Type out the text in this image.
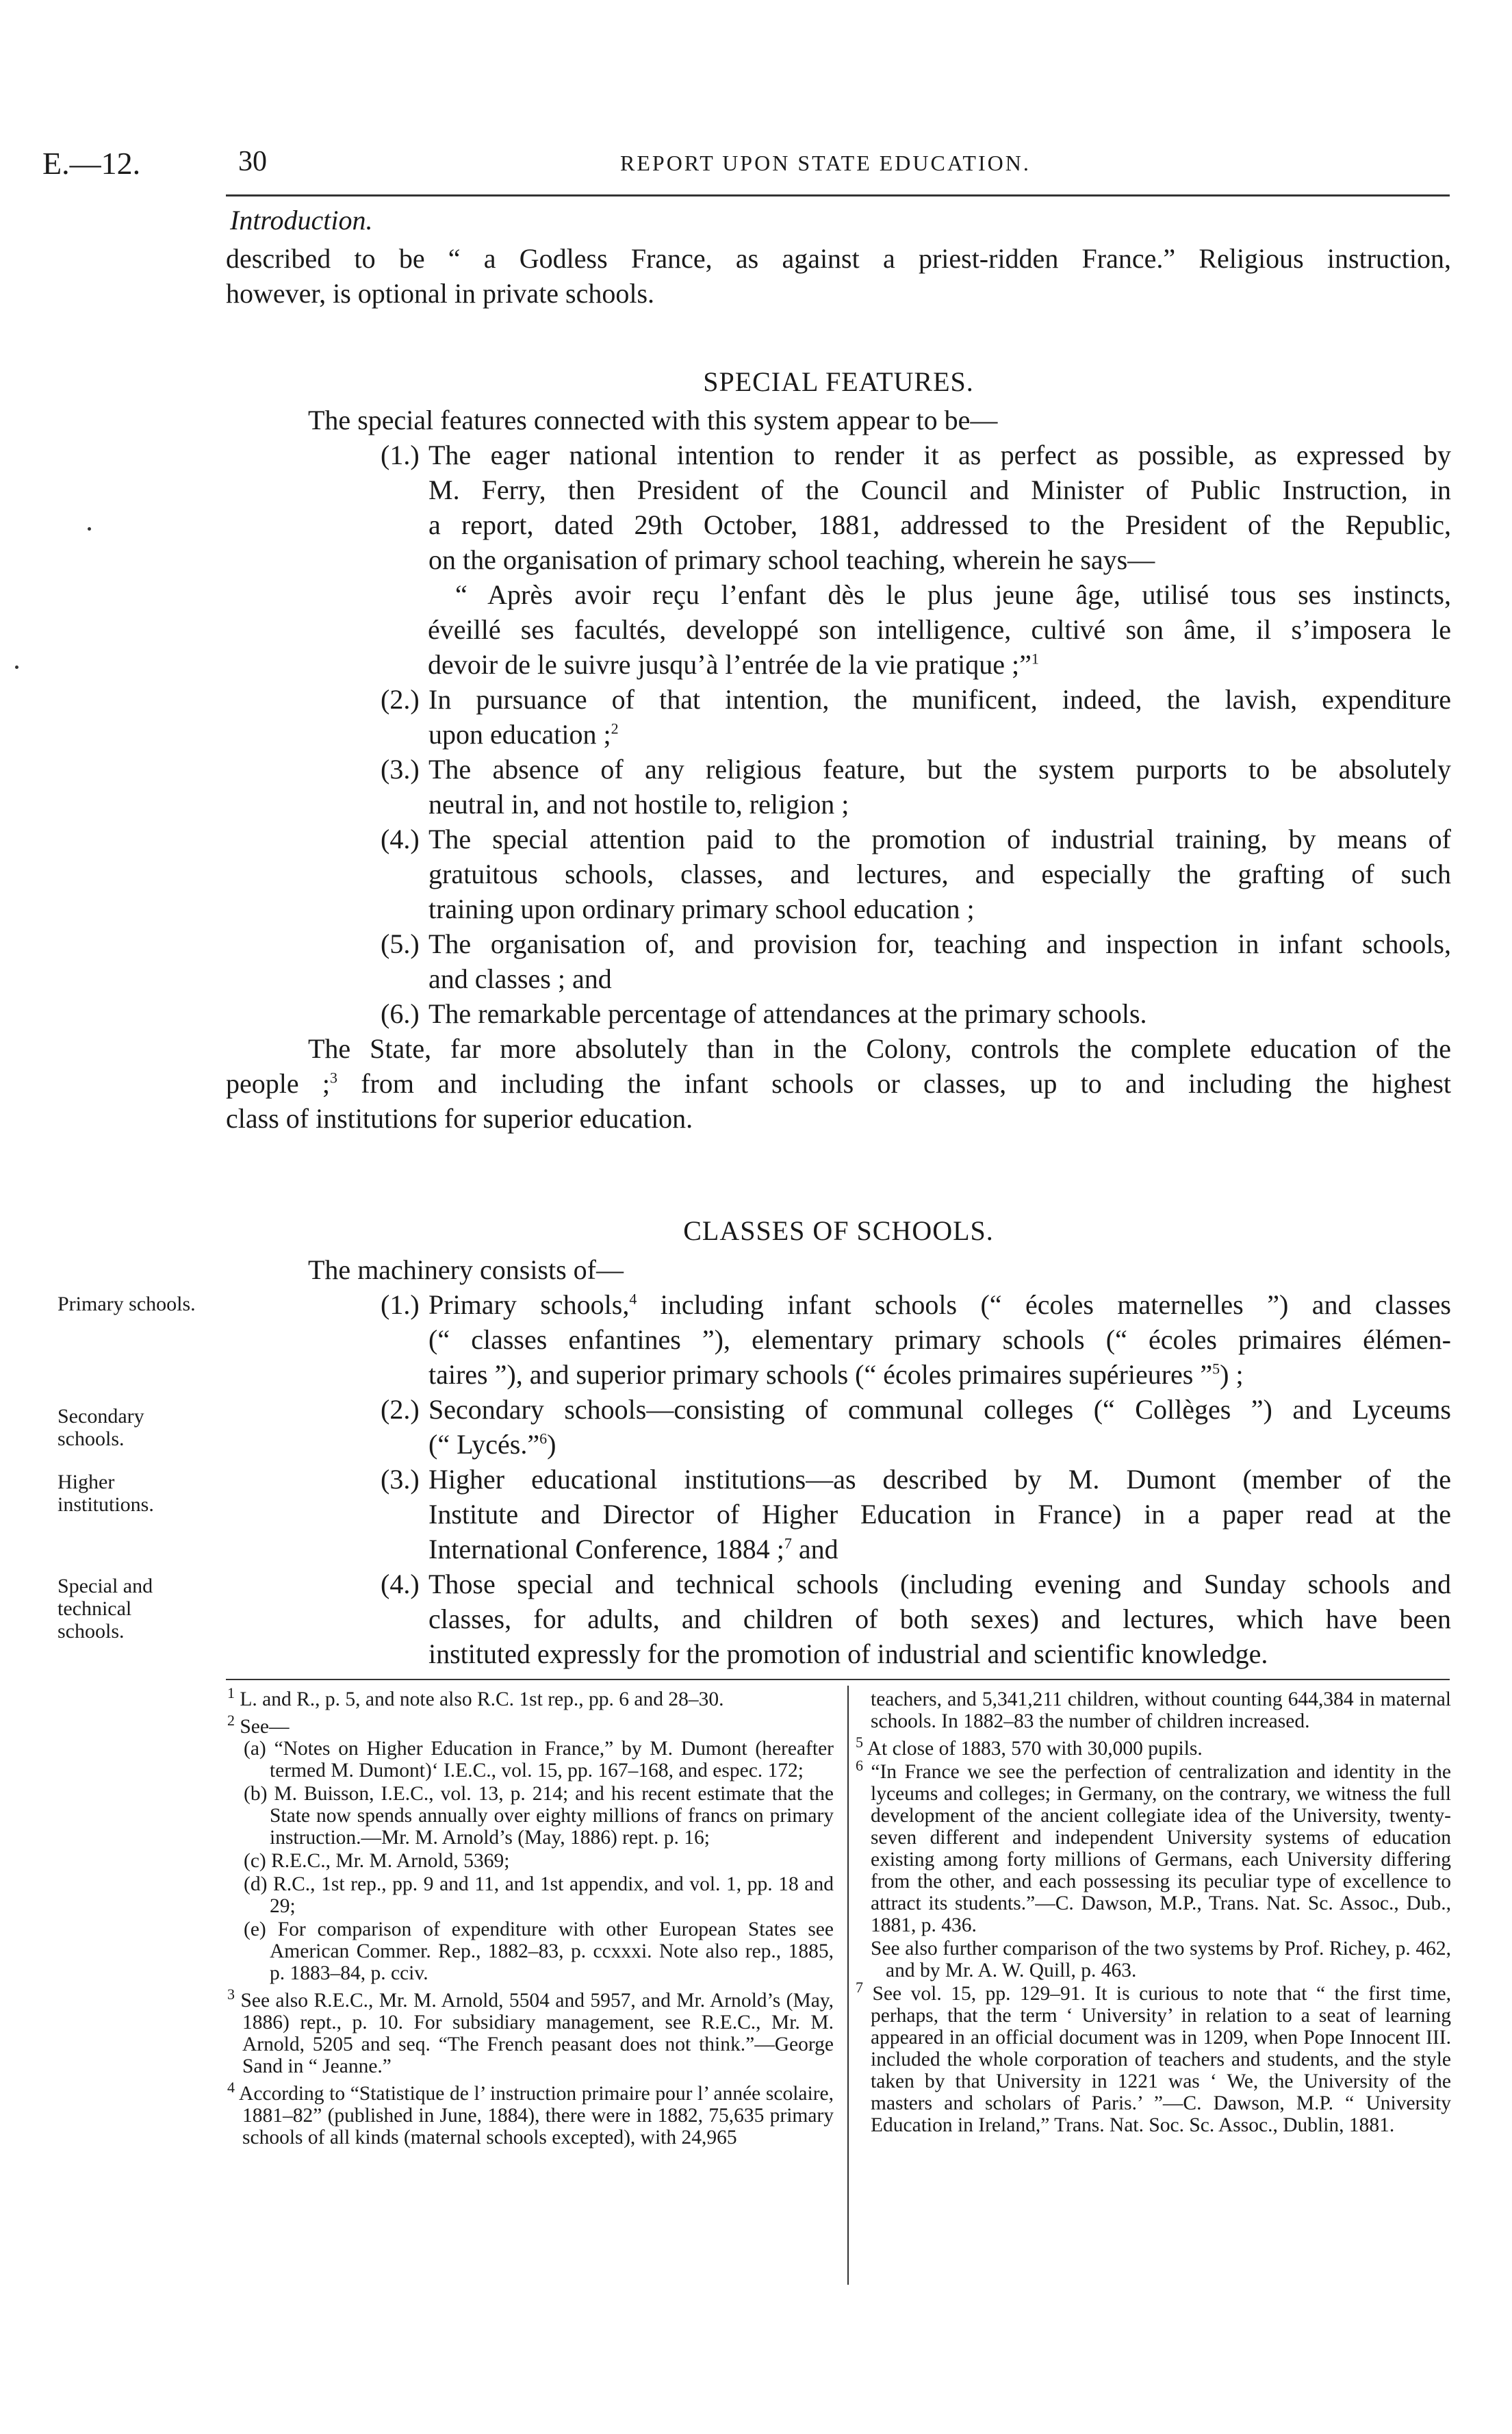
E.—12.	30	REPORT UPON STATE EDUCATION.
Introduction.
described to be “ a Godless France, as against a priest-ridden France.” Religious instruction,
however, is optional in private schools.
SPECIAL FEATURES.
The special features connected with this system appear to be—
(1.) The eager national intention to render it as perfect as possible, as expressed by
M. Ferry, then President of the Council and Minister of Public Instruction, in
a report, dated 29th October, 1881, addressed to the President of the Republic,
on the organisation of primary school teaching, wherein he says—
“ Après avoir reçu l’enfant dès le plus jeune âge, utilisé tous ses instincts,
éveillé ses facultés, developpé son intelligence, cultivé son âme, il s’imposera le
devoir de le suivre jusqu’à l’entrée de la vie pratique ;”$^1$
(2.) In pursuance of that intention, the munificent, indeed, the lavish, expenditure
upon education ;$^2$
(3.) The absence of any religious feature, but the system purports to be absolutely
neutral in, and not hostile to, religion ;
(4.) The special attention paid to the promotion of industrial training, by means of
gratuitous schools, classes, and lectures, and especially the grafting of such
training upon ordinary primary school education ;
(5.) The organisation of, and provision for, teaching and inspection in infant schools,
and classes ; and
(6.) The remarkable percentage of attendances at the primary schools.
The State, far more absolutely than in the Colony, controls the complete education of the
people ;$^3$ from and including the infant schools or classes, up to and including the highest
class of institutions for superior education.
CLASSES OF SCHOOLS.
The machinery consists of—
(1.) Primary schools,$^4$ including infant schools (“ écoles maternelles ”) and classes
(“ classes enfantines ”), elementary primary schools (“ écoles primaires élémen-
taires ”), and superior primary schools (“ écoles primaires supérieures ”$^5$) ;
(2.) Secondary schools—consisting of communal colleges (“ Collèges ”) and Lyceums
(“ Lycés.”$^6$)
(3.) Higher educational institutions—as described by M. Dumont (member of the
Institute and Director of Higher Education in France) in a paper read at the
International Conference, 1884 ;$^7$ and
(4.) Those special and technical schools (including evening and Sunday schools and
classes, for adults, and children of both sexes) and lectures, which have been
instituted expressly for the promotion of industrial and scientific knowledge.
Primary schools.
Secondary schools.
Higher institutions.
Special and technical schools.

$^1$ L. and R., p. 5, and note also R.C. 1st rep., pp. 6 and 28–30.

$^2$ See—

(a) “Notes on Higher Education in France,” by M. Dumont (hereafter termed M. Dumont)ʻ I.E.C., vol. 15, pp. 167–168, and espec. 172;

(b) M. Buisson, I.E.C., vol. 13, p. 214; and his recent estimate that the State now spends annually over eighty millions of francs on primary instruction.—Mr. M. Arnold’s (May, 1886) rept. p. 16;

(c) R.E.C., Mr. M. Arnold, 5369;

(d) R.C., 1st rep., pp. 9 and 11, and 1st appendix, and vol. 1, pp. 18 and 29;

(e) For comparison of expenditure with other European States see American Commer. Rep., 1882–83, p. ccxxxi. Note also rep., 1885, p. 1883–84, p. cciv.

$^3$ See also R.E.C., Mr. M. Arnold, 5504 and 5957, and Mr. Arnold’s (May, 1886) rept., p. 10. For subsidiary management, see R.E.C., Mr. M. Arnold, 5205 and seq. “The French peasant does not think.”—George Sand in “ Jeanne.”

$^4$ According to “Statistique de l’ instruction primaire pour l’ année scolaire, 1881–82” (published in June, 1884), there were in 1882, 75,635 primary schools of all kinds (maternal schools excepted), with 24,965

teachers, and 5,341,211 children, without counting 644,384 in maternal schools. In 1882–83 the number of children increased.

$^5$ At close of 1883, 570 with 30,000 pupils.

$^6$ “In France we see the perfection of centralization and identity in the lyceums and colleges; in Germany, on the contrary, we witness the full development of the ancient collegiate idea of the University, twenty-seven different and independent University systems of education existing among forty millions of Germans, each University differing from the other, and each possessing its peculiar type of excellence to attract its students.”—C. Dawson, M.P., Trans. Nat. Sc. Assoc., Dub., 1881, p. 436.

See also further comparison of the two systems by Prof. Richey, p. 462, and by Mr. A. W. Quill, p. 463.

$^7$ See vol. 15, pp. 129–91. It is curious to note that “ the first time, perhaps, that the term ‘ University’ in relation to a seat of learning appeared in an official document was in 1209, when Pope Innocent III. included the whole corporation of teachers and students, and the style taken by that University in 1221 was ‘ We, the University of the masters and scholars of Paris.’ ”—C. Dawson, M.P. “ University Education in Ireland,” Trans. Nat. Soc. Sc. Assoc., Dublin, 1881.
